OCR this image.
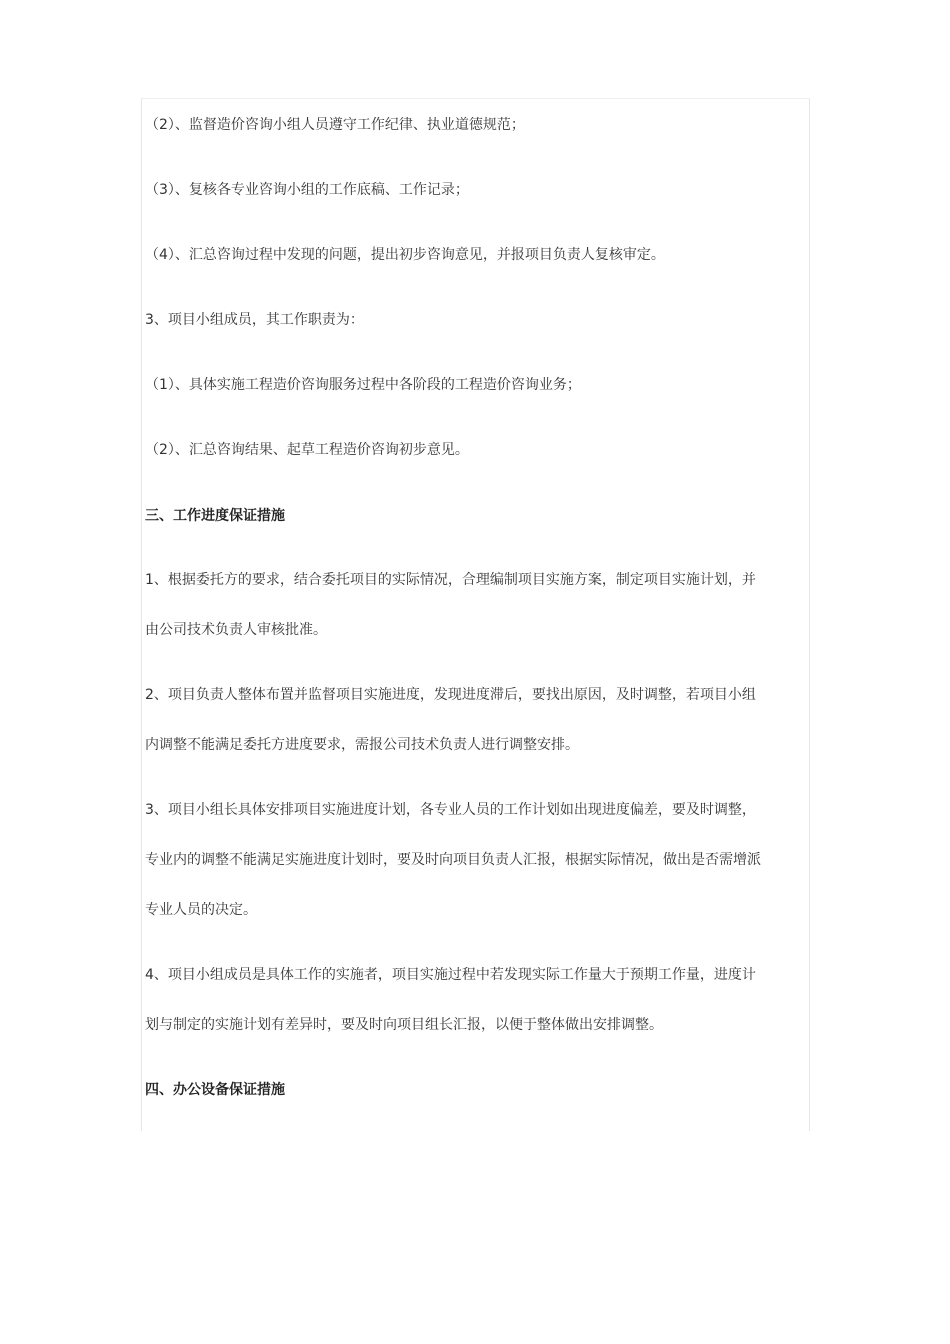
（2）、监督造价咨询小组人员遵守工作纪律、执业道德规范；
（3）、复核各专业咨询小组的工作底稿、工作记录；
（4）、汇总咨询过程中发现的问题，提出初步咨询意见，并报项目负责人复核审定。
3、项目小组成员，其工作职责为：
（1）、具体实施工程造价咨询服务过程中各阶段的工程造价咨询业务；
（2）、汇总咨询结果、起草工程造价咨询初步意见。
三、工作进度保证措施
1、根据委托方的要求，结合委托项目的实际情况，合理编制项目实施方案，制定项目实施计划，并
由公司技术负责人审核批准。
2、项目负责人整体布置并监督项目实施进度，发现进度滞后，要找出原因，及时调整，若项目小组
内调整不能满足委托方进度要求，需报公司技术负责人进行调整安排。
3、项目小组长具体安排项目实施进度计划，各专业人员的工作计划如出现进度偏差，要及时调整，
专业内的调整不能满足实施进度计划时，要及时向项目负责人汇报，根据实际情况，做出是否需增派
专业人员的决定。
4、项目小组成员是具体工作的实施者，项目实施过程中若发现实际工作量大于预期工作量，进度计
划与制定的实施计划有差异时，要及时向项目组长汇报，以便于整体做出安排调整。
四、办公设备保证措施
